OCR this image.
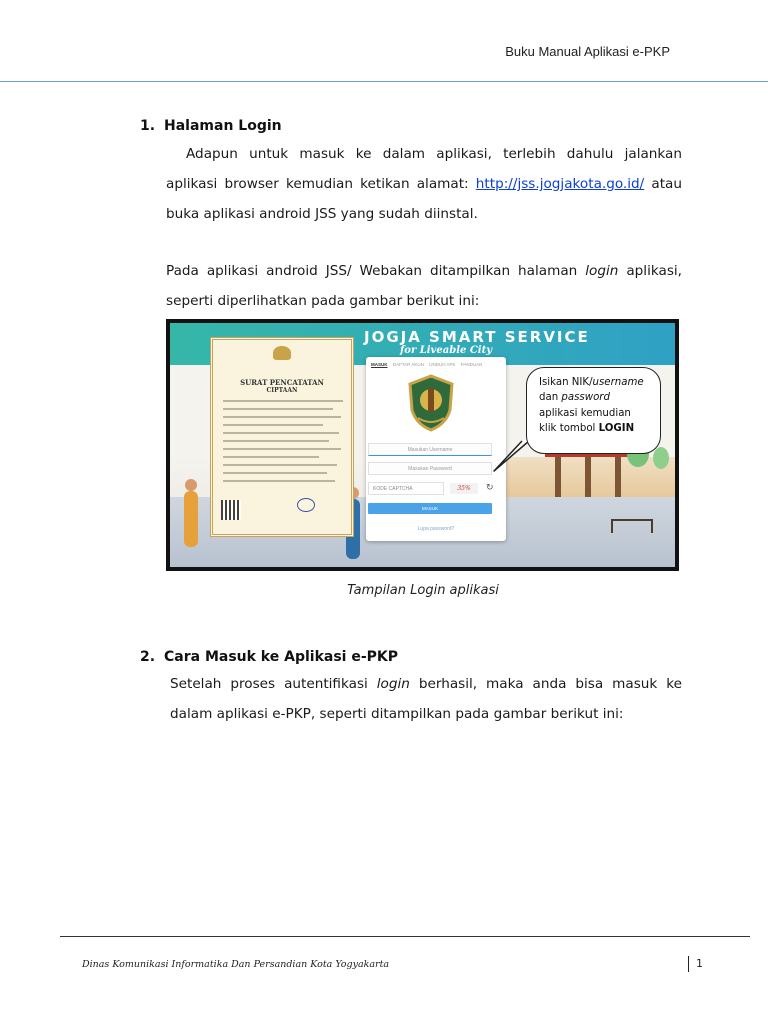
Buku Manual Aplikasi e-PKP
1. Halaman Login
Adapun untuk masuk ke dalam aplikasi, terlebih dahulu jalankan aplikasi browser kemudian ketikan alamat: http://jss.jogjakota.go.id/ atau buka aplikasi android JSS yang sudah diinstal.
Pada aplikasi android JSS/ Webakan ditampilkan halaman login aplikasi, seperti diperlihatkan pada gambar berikut ini:
JOGJA SMART SERVICE
for Liveable City
SURAT PENCATATAN
CIPTAAN
MASUK DAFTAR AKUN UNDUH APK PANDUAN
Masukan Username
Masukan Password
KODE CAPTCHA	35%	↻
MASUK
Lupa password?
Isikan NIK/username
dan password
aplikasi kemudian
klik tombol LOGIN
Tampilan Login aplikasi
2. Cara Masuk ke Aplikasi e-PKP
Setelah proses autentifikasi login berhasil, maka anda bisa masuk ke dalam aplikasi e-PKP, seperti ditampilkan pada gambar berikut ini:
Dinas Komunikasi Informatika Dan Persandian Kota Yogyakarta	1
